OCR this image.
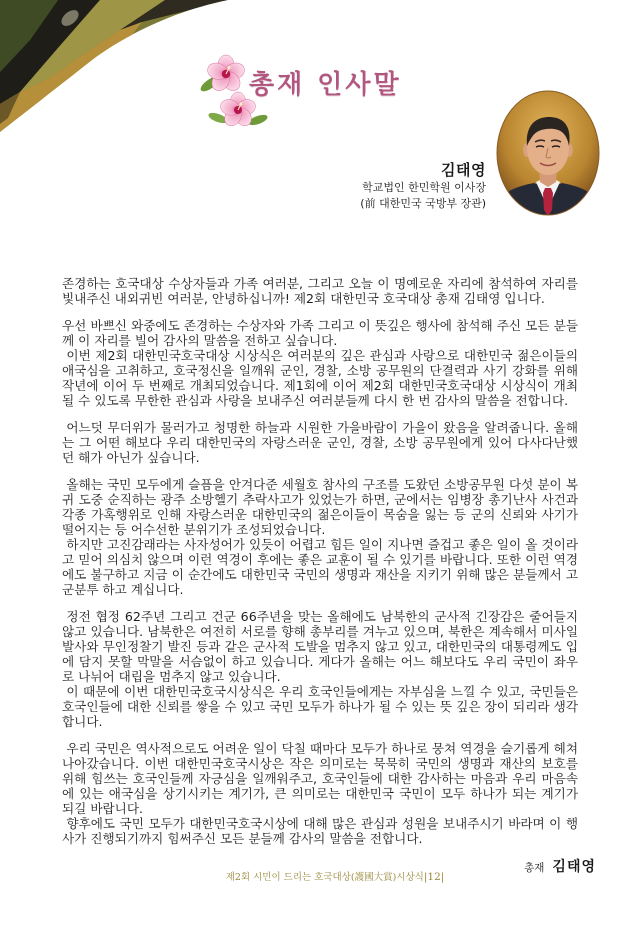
총재 인사말
김태영
학교법인 한민학원 이사장
(前 대한민국 국방부 장관)

존경하는 호국대상 수상자들과 가족 여러분, 그리고 오늘 이 명예로운 자리에 참석하여 자리를 빛내주신 내외귀빈 여러분, 안녕하십니까! 제2회 대한민국 호국대상 총재 김태영 입니다.

우선 바쁘신 와중에도 존경하는 수상자와 가족 그리고 이 뜻깊은 행사에 참석해 주신 모든 분들께 이 자리를 빌어 감사의 말씀을 전하고 싶습니다.

이번 제2회 대한민국호국대상 시상식은 여러분의 깊은 관심과 사랑으로 대한민국 젊은이들의 애국심을 고취하고, 호국정신을 일깨워 군인, 경찰, 소방 공무원의 단결력과 사기 강화를 위해 작년에 이어 두 번째로 개최되었습니다. 제1회에 이어 제2회 대한민국호국대상 시상식이 개최될 수 있도록 무한한 관심과 사랑을 보내주신 여러분들께 다시 한 번 감사의 말씀을 전합니다.

어느덧 무더위가 물러가고 청명한 하늘과 시원한 가을바람이 가을이 왔음을 알려줍니다. 올해는 그 어떤 해보다 우리 대한민국의 자랑스러운 군인, 경찰, 소방 공무원에게 있어 다사다난했던 해가 아닌가 싶습니다.

올해는 국민 모두에게 슬픔을 안겨다준 세월호 참사의 구조를 도왔던 소방공무원 다섯 분이 복귀 도중 순직하는 광주 소방헬기 추락사고가 있었는가 하면, 군에서는 임병장 총기난사 사건과 각종 가혹행위로 인해 자랑스러운 대한민국의 젊은이들이 목숨을 잃는 등 군의 신뢰와 사기가 떨어지는 등 어수선한 분위기가 조성되었습니다.

하지만 고진감래라는 사자성어가 있듯이 어렵고 힘든 일이 지나면 즐겁고 좋은 일이 올 것이라고 믿어 의심치 않으며 이런 역경이 후에는 좋은 교훈이 될 수 있기를 바랍니다. 또한 이런 역경에도 불구하고 지금 이 순간에도 대한민국 국민의 생명과 재산을 지키기 위해 많은 분들께서 고군분투 하고 계십니다.

정전 협정 62주년 그리고 건군 66주년을 맞는 올해에도 남북한의 군사적 긴장감은 줄어들지 않고 있습니다. 남북한은 여전히 서로를 향해 총부리를 겨누고 있으며, 북한은 계속해서 미사일 발사와 무인정찰기 발진 등과 같은 군사적 도발을 멈추지 않고 있고, 대한민국의 대통령께도 입에 담지 못할 막말을 서슴없이 하고 있습니다. 게다가 올해는 어느 해보다도 우리 국민이 좌우로 나뉘어 대립을 멈추지 않고 있습니다.

이 때문에 이번 대한민국호국시상식은 우리 호국인들에게는 자부심을 느낄 수 있고, 국민들은 호국인들에 대한 신뢰를 쌓을 수 있고 국민 모두가 하나가 될 수 있는 뜻 깊은 장이 되리라 생각합니다.

우리 국민은 역사적으로도 어려운 일이 닥칠 때마다 모두가 하나로 뭉쳐 역경을 슬기롭게 헤쳐 나아갔습니다. 이번 대한민국호국시상은 작은 의미로는 묵묵히 국민의 생명과 재산의 보호를 위해 힘쓰는 호국인들께 자긍심을 일깨워주고, 호국인들에 대한 감사하는 마음과 우리 마음속에 있는 애국심을 상기시키는 계기가, 큰 의미로는 대한민국 국민이 모두 하나가 되는 계기가 되길 바랍니다.

향후에도 국민 모두가 대한민국호국시상에 대해 많은 관심과 성원을 보내주시기 바라며 이 행사가 진행되기까지 힘써주신 모든 분들께 감사의 말씀을 전합니다.

총재 김태영
제2회 시민이 드리는 호국대상(護國大賞)시상식|12|
